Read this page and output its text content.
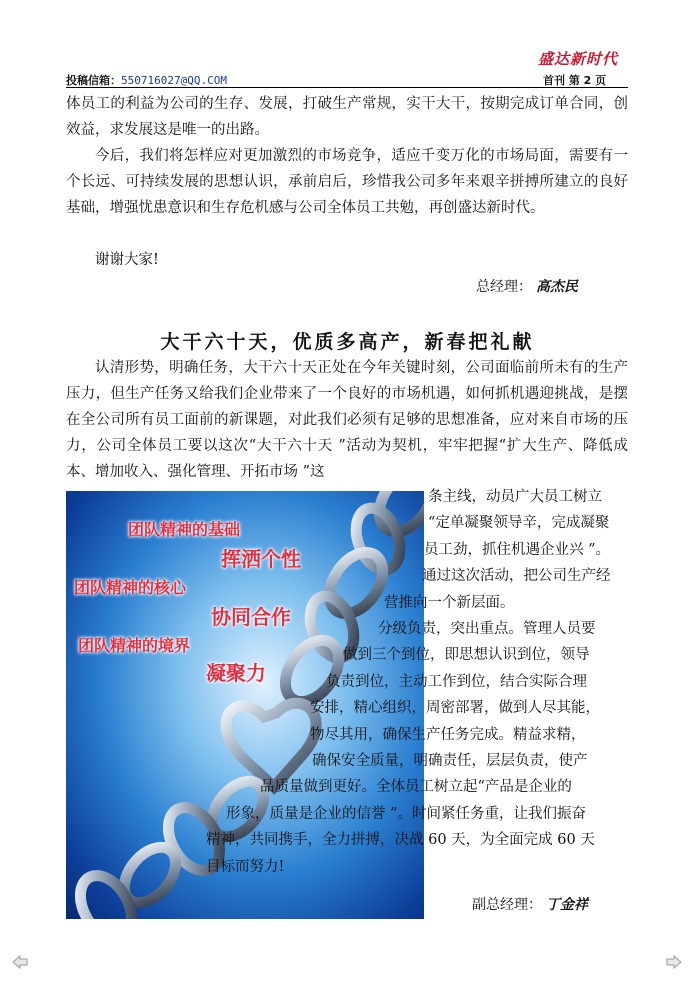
盛达新时代
投稿信箱：550716027@QQ.COM	首刊 第 2 页
体员工的利益为公司的生存、发展，打破生产常规，实干大干，按期完成订单合同，创效益，求发展这是唯一的出路。
今后，我们将怎样应对更加激烈的市场竞争，适应千变万化的市场局面，需要有一个长远、可持续发展的思想认识，承前启后，珍惜我公司多年来艰辛拼搏所建立的良好基础，增强忧患意识和生存危机感与公司全体员工共勉，再创盛达新时代。
谢谢大家!
总经理： 高杰民
大干六十天，优质多高产，新春把礼献
认清形势，明确任务，大干六十天正处在今年关键时刻，公司面临前所未有的生产压力，但生产任务又给我们企业带来了一个良好的市场机遇，如何抓机遇迎挑战，是摆在全公司所有员工面前的新课题，对此我们必须有足够的思想准备，应对来自市场的压力，公司全体员工要以这次“大干六十天 ”活动为契机，牢牢把握“扩大生产、降低成本、增加收入、强化管理、开拓市场 ”这
团队精神的基础
挥洒个性
团队精神的核心
协同合作
团队精神的境界
凝聚力
条主线，动员广大员工树立
“定单凝聚领导辛，完成凝聚
员工劲，抓住机遇企业兴 ”。
通过这次活动，把公司生产经
营推向一个新层面。
分级负责，突出重点。管理人员要
做到三个到位，即思想认识到位，领导
负责到位，主动工作到位，结合实际合理
安排，精心组织，周密部署，做到人尽其能，
物尽其用，确保生产任务完成。精益求精，
确保安全质量，明确责任，层层负责，使产
品质量做到更好。全体员工树立起“产品是企业的
形象，质量是企业的信誉 ”。时间紧任务重，让我们振奋
精神，共同携手，全力拼搏，决战 60 天，为全面完成 60 天
目标而努力!
副总经理： 丁金祥
